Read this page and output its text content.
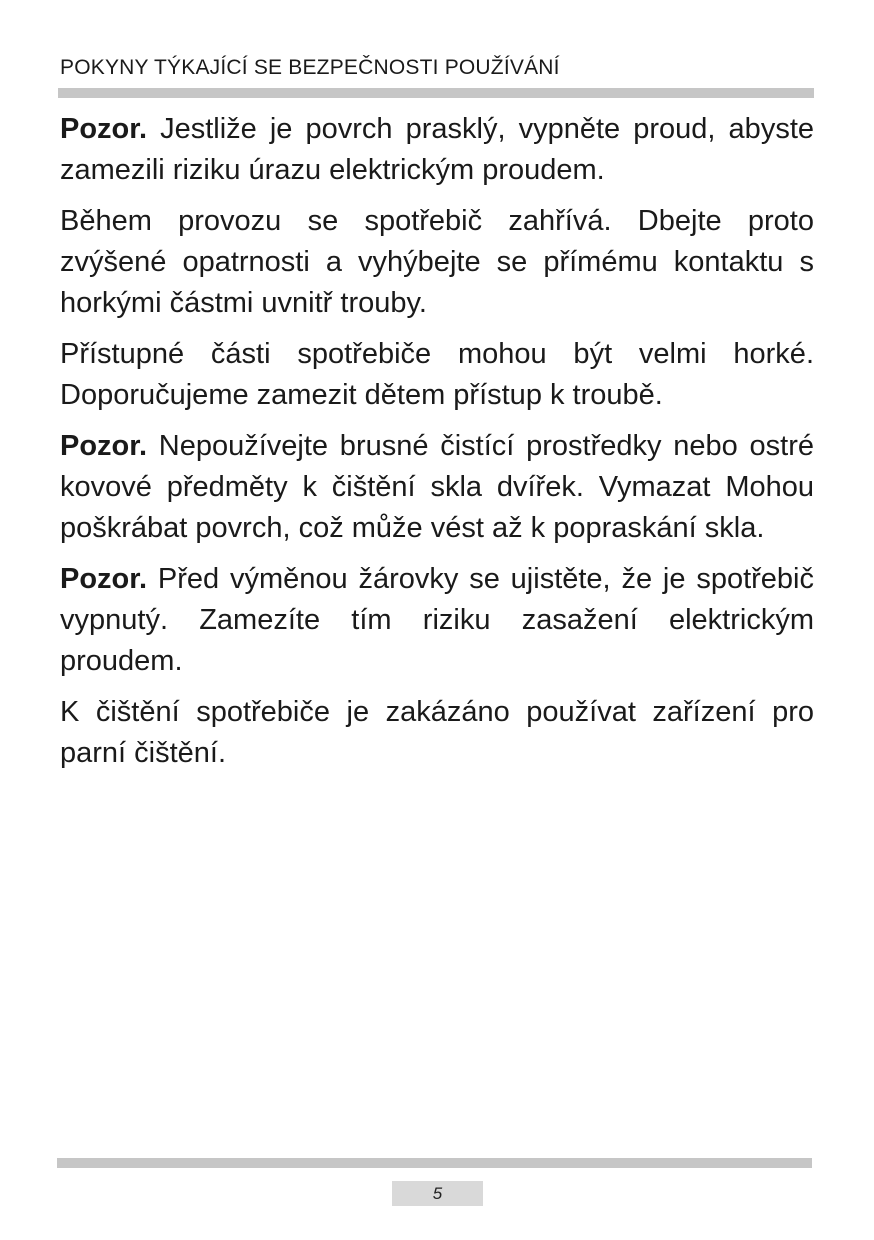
POKYNY TÝKAJÍCÍ SE BEZPEČNOSTI POUŽÍVÁNÍ

Pozor. Jestliže je povrch prasklý, vypněte proud, abyste zamezili riziku úrazu elektrickým proudem.

Během provozu se spotřebič zahřívá. Dbejte proto zvýšené opatrnosti a vyhýbejte se přímému kontaktu s horkými částmi uvnitř trouby.

Přístupné části spotřebiče mohou být velmi horké. Doporučujeme zamezit dětem přístup k troubě.

Pozor. Nepoužívejte brusné čistící prostředky nebo ostré kovové předměty k čištění skla dvířek. Vymazat Mohou poškrábat povrch, což může vést až k popraskání skla.

Pozor. Před výměnou žárovky se ujistěte, že je spotřebič vypnutý. Zamezíte tím riziku zasažení elektrickým proudem.

K čištění spotřebiče je zakázáno používat zařízení pro parní čištění.

5
